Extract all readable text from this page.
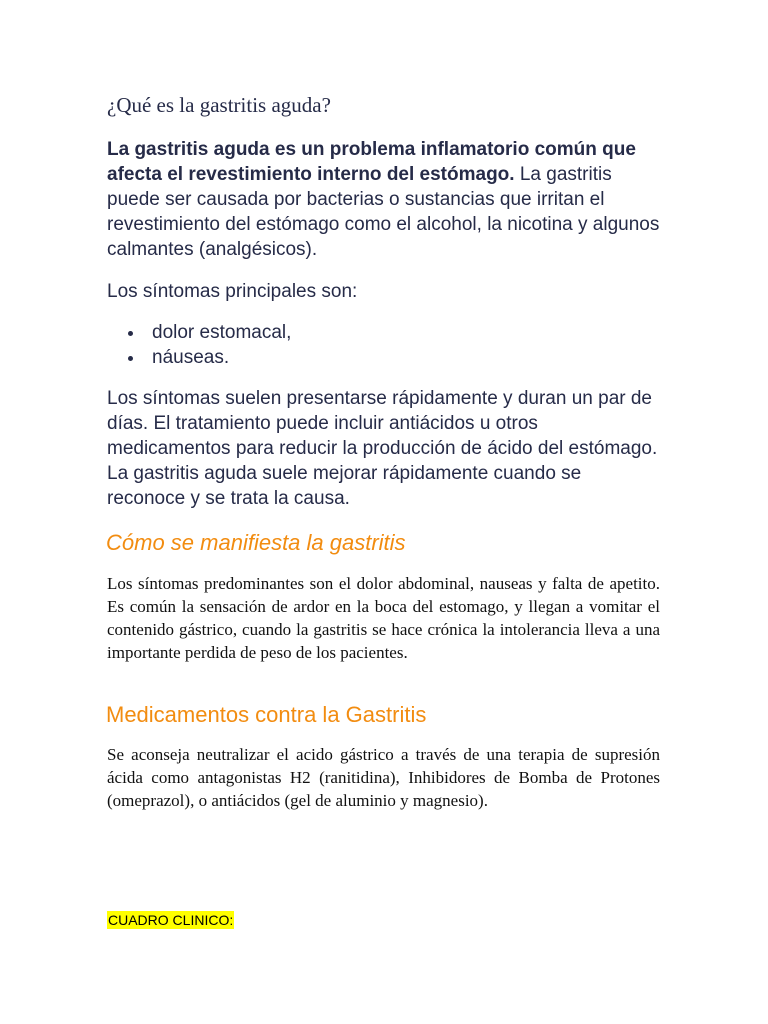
¿Qué es la gastritis aguda?

La gastritis aguda es un problema inflamatorio común que afecta el revestimiento interno del estómago. La gastritis puede ser causada por bacterias o sustancias que irritan el revestimiento del estómago como el alcohol, la nicotina y algunos calmantes (analgésicos).

Los síntomas principales son:

dolor estomacal,
náuseas.

Los síntomas suelen presentarse rápidamente y duran un par de días. El tratamiento puede incluir antiácidos u otros medicamentos para reducir la producción de ácido del estómago. La gastritis aguda suele mejorar rápidamente cuando se reconoce y se trata la causa.

Cómo se manifiesta la gastritis

Los síntomas predominantes son el dolor abdominal, nauseas y falta de apetito. Es común la sensación de ardor en la boca del estomago, y llegan a vomitar el contenido gástrico, cuando la gastritis se hace crónica la intolerancia lleva a una importante perdida de peso de los pacientes.

Medicamentos contra la Gastritis

Se aconseja neutralizar el acido gástrico a través de una terapia de supresión ácida como antagonistas H2 (ranitidina), Inhibidores de Bomba de Protones (omeprazol), o antiácidos (gel de aluminio y magnesio).

CUADRO CLINICO:
